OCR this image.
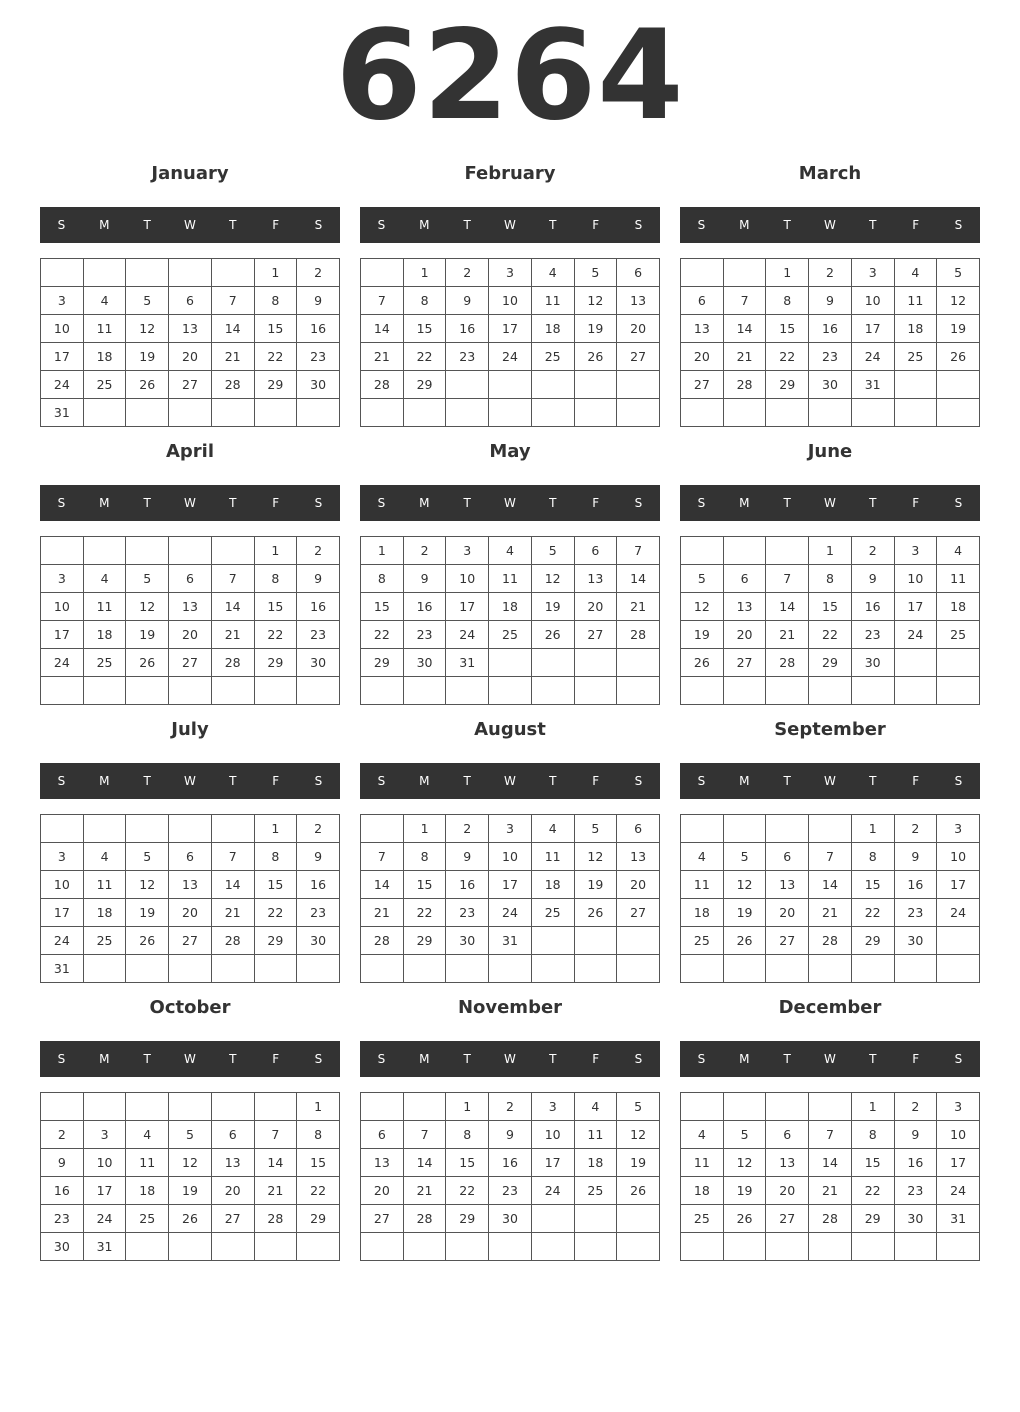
6264
January
S	M	T	W	T	F	S
					1	2
3	4	5	6	7	8	9
10	11	12	13	14	15	16
17	18	19	20	21	22	23
24	25	26	27	28	29	30
31						
February
S	M	T	W	T	F	S
	1	2	3	4	5	6
7	8	9	10	11	12	13
14	15	16	17	18	19	20
21	22	23	24	25	26	27
28	29					

March
S	M	T	W	T	F	S
		1	2	3	4	5
6	7	8	9	10	11	12
13	14	15	16	17	18	19
20	21	22	23	24	25	26
27	28	29	30	31		

April
S	M	T	W	T	F	S
					1	2
3	4	5	6	7	8	9
10	11	12	13	14	15	16
17	18	19	20	21	22	23
24	25	26	27	28	29	30

May
S	M	T	W	T	F	S
1	2	3	4	5	6	7
8	9	10	11	12	13	14
15	16	17	18	19	20	21
22	23	24	25	26	27	28
29	30	31				

June
S	M	T	W	T	F	S
			1	2	3	4
5	6	7	8	9	10	11
12	13	14	15	16	17	18
19	20	21	22	23	24	25
26	27	28	29	30		

July
S	M	T	W	T	F	S
					1	2
3	4	5	6	7	8	9
10	11	12	13	14	15	16
17	18	19	20	21	22	23
24	25	26	27	28	29	30
31						
August
S	M	T	W	T	F	S
	1	2	3	4	5	6
7	8	9	10	11	12	13
14	15	16	17	18	19	20
21	22	23	24	25	26	27
28	29	30	31			

September
S	M	T	W	T	F	S
				1	2	3
4	5	6	7	8	9	10
11	12	13	14	15	16	17
18	19	20	21	22	23	24
25	26	27	28	29	30	

October
S	M	T	W	T	F	S
						1
2	3	4	5	6	7	8
9	10	11	12	13	14	15
16	17	18	19	20	21	22
23	24	25	26	27	28	29
30	31					
November
S	M	T	W	T	F	S
		1	2	3	4	5
6	7	8	9	10	11	12
13	14	15	16	17	18	19
20	21	22	23	24	25	26
27	28	29	30			

December
S	M	T	W	T	F	S
				1	2	3
4	5	6	7	8	9	10
11	12	13	14	15	16	17
18	19	20	21	22	23	24
25	26	27	28	29	30	31
